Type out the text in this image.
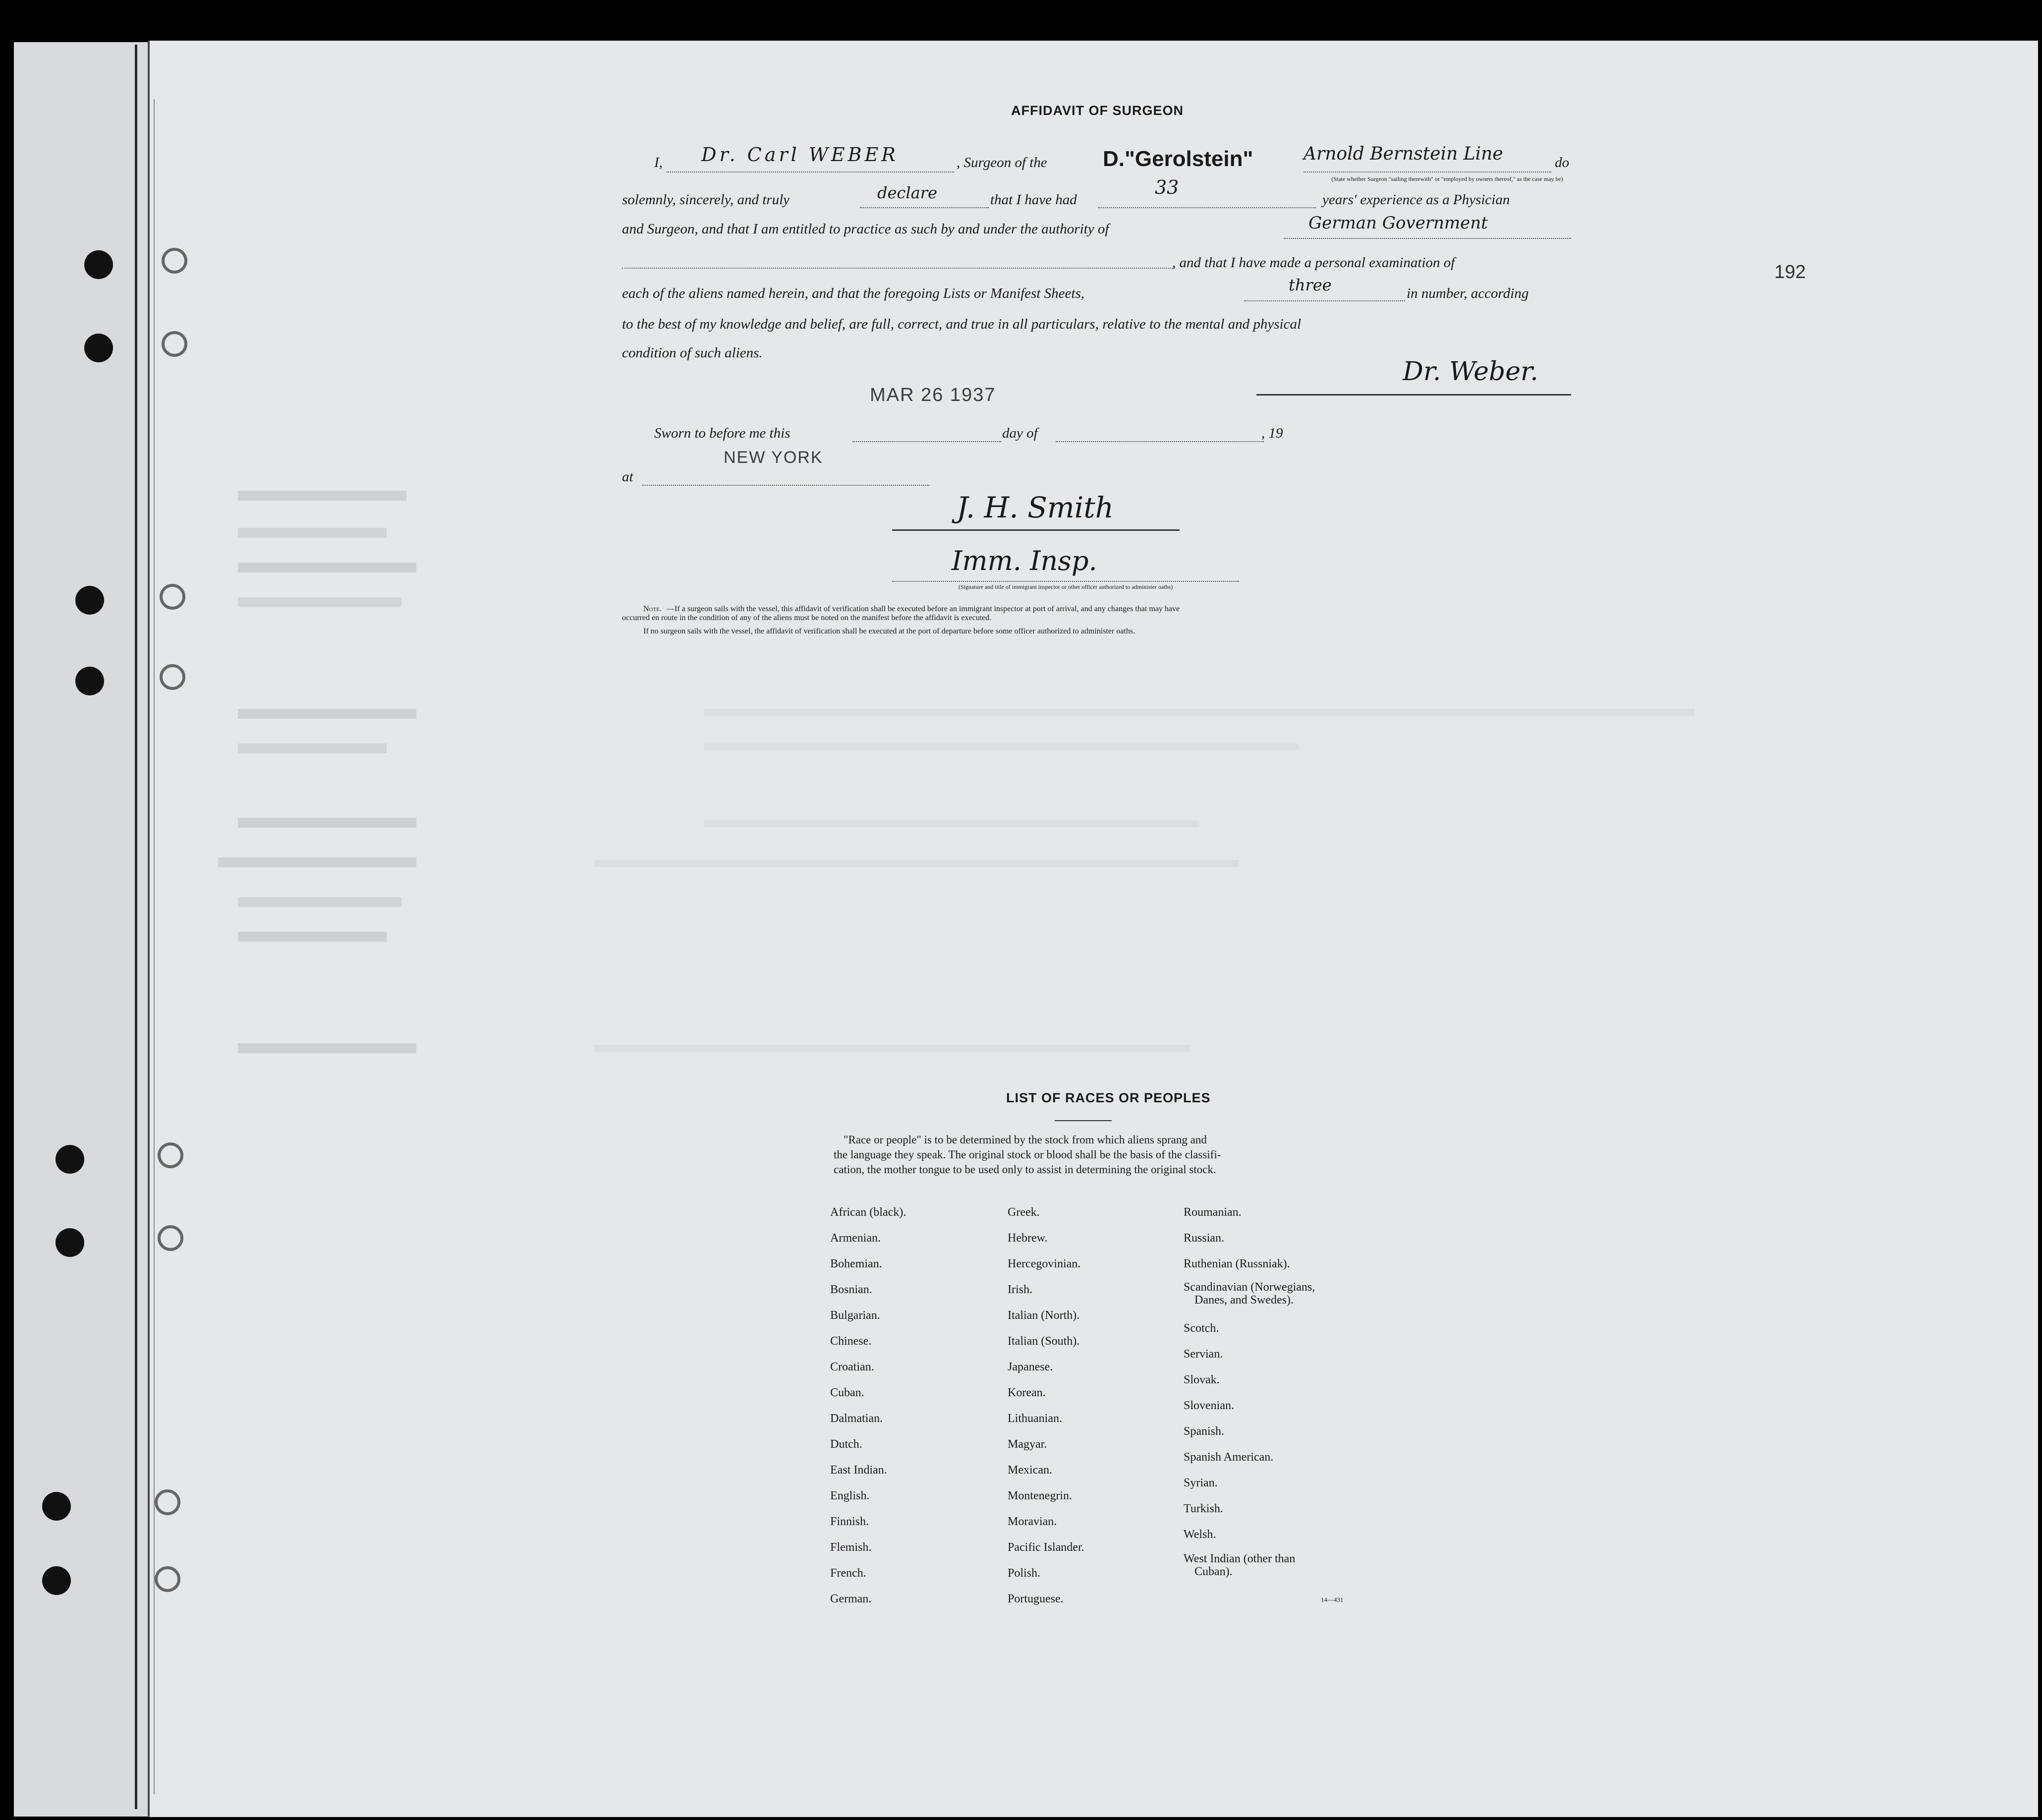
192
AFFIDAVIT OF SURGEON
I, Dr. Carl WEBER	, Surgeon of the	D."Gerolstein"	Arnold Bernstein Line	do
(State whether Surgeon "sailing therewith" or "employed by owners thereof," as the case may be)
solemnly, sincerely, and truly	declare	that I have had
33
years' experience as a Physician
and Surgeon, and that I am entitled to practice as such by and under the authority of	German Government
, and that I have made a personal examination of
each of the aliens named herein, and that the foregoing Lists or Manifest Sheets,	three	in number, according
to the best of my knowledge and belief, are full, correct, and true in all particulars, relative to the mental and physical
condition of such aliens.
MAR 26 1937
Dr. Weber.
Sworn to before me this	day of	, 19
NEW YORK
at
J. H. Smith
Imm. Insp.
(Signature and title of immigrant inspector or other officer authorized to administer oaths)
Note. —If a surgeon sails with the vessel, this affidavit of verification shall be executed before an immigrant inspector at port of arrival, and any changes that may have
occurred en route in the condition of any of the aliens must be noted on the manifest before the affidavit is executed.
If no surgeon sails with the vessel, the affidavit of verification shall be executed at the port of departure before some officer authorized to administer oaths.
LIST OF RACES OR PEOPLES
"Race or people" is to be determined by the stock from which aliens sprang and
the language they speak. The original stock or blood shall be the basis of the classifi-
cation, the mother tongue to be used only to assist in determining the original stock.
African (black).
Armenian.
Bohemian.
Bosnian.
Bulgarian.
Chinese.
Croatian.
Cuban.
Dalmatian.
Dutch.
East Indian.
English.
Finnish.
Flemish.
French.
German.
Greek.
Hebrew.
Hercegovinian.
Irish.
Italian (North).
Italian (South).
Japanese.
Korean.
Lithuanian.
Magyar.
Mexican.
Montenegrin.
Moravian.
Pacific Islander.
Polish.
Portuguese.
Roumanian.
Russian.
Ruthenian (Russniak).
Scandinavian (Norwegians,
Danes, and Swedes).
Scotch.
Servian.
Slovak.
Slovenian.
Spanish.
Spanish American.
Syrian.
Turkish.
Welsh.
West Indian (other than
Cuban).
14—431
